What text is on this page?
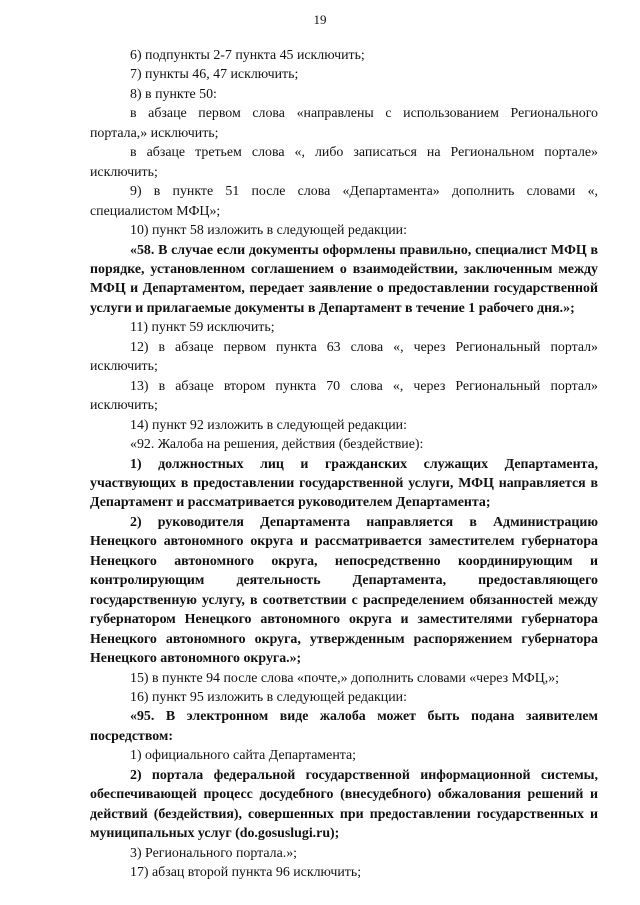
19

6) подпункты 2-7 пункта 45 исключить;

7) пункты 46, 47 исключить;

8) в пункте 50:

в абзаце первом слова «направлены с использованием Регионального портала,» исключить;

в абзаце третьем слова «, либо записаться на Региональном портале» исключить;

9) в пункте 51 после слова «Департамента» дополнить словами «, специалистом МФЦ»;

10) пункт 58 изложить в следующей редакции:

«58. В случае если документы оформлены правильно, специалист МФЦ в порядке, установленном соглашением о взаимодействии, заключенным между МФЦ и Департаментом, передает заявление о предоставлении государственной услуги и прилагаемые документы в Департамент в течение 1 рабочего дня.»;

11) пункт 59 исключить;

12) в абзаце первом пункта 63 слова «, через Региональный портал» исключить;

13) в абзаце втором пункта 70 слова «, через Региональный портал» исключить;

14) пункт 92 изложить в следующей редакции:

«92. Жалоба на решения, действия (бездействие):

1) должностных лиц и гражданских служащих Департамента, участвующих в предоставлении государственной услуги, МФЦ направляется в Департамент и рассматривается руководителем Департамента;

2) руководителя Департамента направляется в Администрацию Ненецкого автономного округа и рассматривается заместителем губернатора Ненецкого автономного округа, непосредственно координирующим и контролирующим деятельность Департамента, предоставляющего государственную услугу, в соответствии с распределением обязанностей между губернатором Ненецкого автономного округа и заместителями губернатора Ненецкого автономного округа, утвержденным распоряжением губернатора Ненецкого автономного округа.»;

15) в пункте 94 после слова «почте,» дополнить словами «через МФЦ,»;

16) пункт 95 изложить в следующей редакции:

«95. В электронном виде жалоба может быть подана заявителем посредством:

1) официального сайта Департамента;

2) портала федеральной государственной информационной системы, обеспечивающей процесс досудебного (внесудебного) обжалования решений и действий (бездействия), совершенных при предоставлении государственных и муниципальных услуг (do.gosuslugi.ru);

3) Регионального портала.»;

17) абзац второй пункта 96 исключить;
